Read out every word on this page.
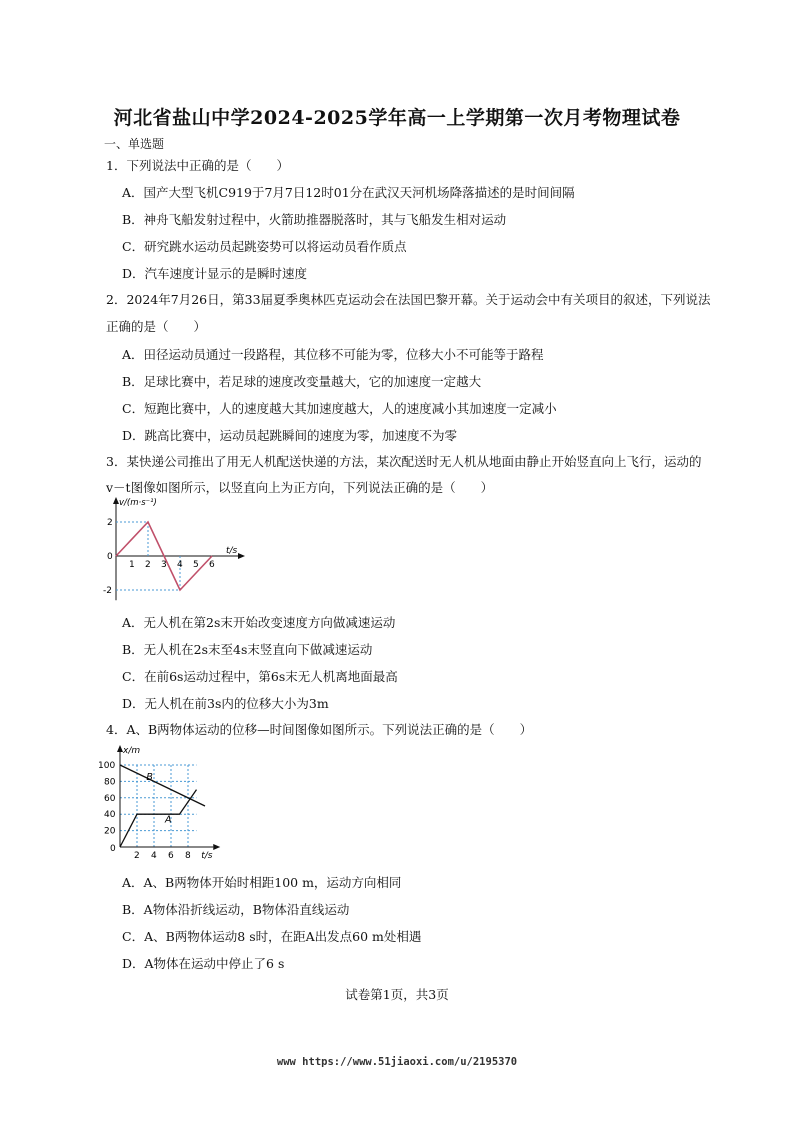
河北省盐山中学2024-2025学年高一上学期第一次月考物理试卷
一、单选题
1．下列说法中正确的是（　　）
A．国产大型飞机C919于7月7日12时01分在武汉天河机场降落描述的是时间间隔
B．神舟飞船发射过程中，火箭助推器脱落时，其与飞船发生相对运动
C．研究跳水运动员起跳姿势可以将运动员看作质点
D．汽车速度计显示的是瞬时速度
2．2024年7月26日，第33届夏季奥林匹克运动会在法国巴黎开幕。关于运动会中有关项目的叙述，下列说法
正确的是（　　）
A．田径运动员通过一段路程，其位移不可能为零，位移大小不可能等于路程
B．足球比赛中，若足球的速度改变量越大，它的加速度一定越大
C．短跑比赛中，人的速度越大其加速度越大，人的速度减小其加速度一定减小
D．跳高比赛中，运动员起跳瞬间的速度为零，加速度不为零
3．某快递公司推出了用无人机配送快递的方法，某次配送时无人机从地面由静止开始竖直向上飞行，运动的
v－t图像如图所示，以竖直向上为正方向，下列说法正确的是（　　）
1 2 3 4 5 6
2
-2
0
v/(m·s⁻¹)
t/s
A．无人机在第2s末开始改变速度方向做减速运动
B．无人机在2s末至4s末竖直向下做减速运动
C．在前6s运动过程中，第6s末无人机离地面最高
D．无人机在前3s内的位移大小为3m
4．A、B两物体运动的位移—时间图像如图所示。下列说法正确的是（　　）
100
80
60
40
20
2 4 6 8
0
x/m
t/s
B
A
A．A、B两物体开始时相距100 m，运动方向相同
B．A物体沿折线运动，B物体沿直线运动
C．A、B两物体运动8 s时，在距A出发点60 m处相遇
D．A物体在运动中停止了6 s
试卷第1页，共3页
www https://www.51jiaoxi.com/u/2195370
